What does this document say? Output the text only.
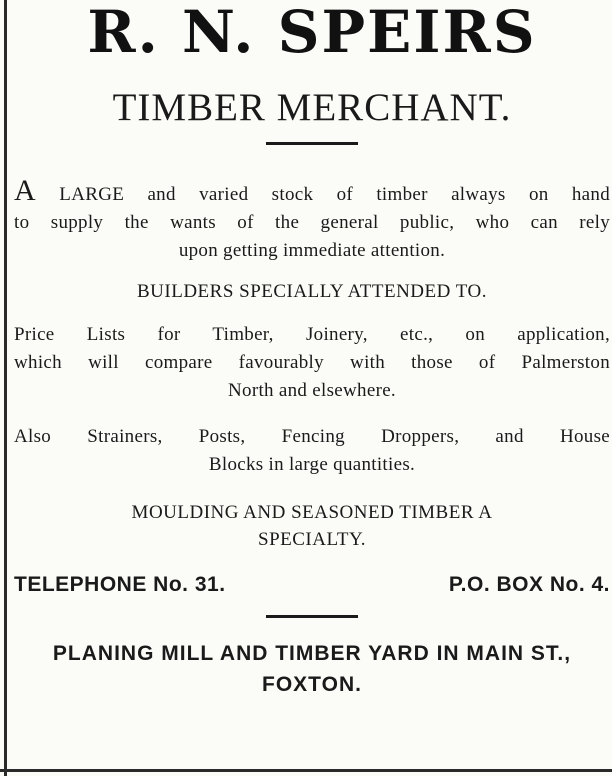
R. N. SPEIRS
TIMBER MERCHANT.
A LARGE and varied stock of timber always on hand
to supply the wants of the general public, who can rely
upon getting immediate attention.
BUILDERS SPECIALLY ATTENDED TO.
Price Lists for Timber, Joinery, etc., on application,
which will compare favourably with those of Palmerston
North and elsewhere.
Also Strainers, Posts, Fencing Droppers, and House
Blocks in large quantities.
MOULDING AND SEASONED TIMBER A
SPECIALTY.
TELEPHONE No. 31.	P.O. BOX No. 4.
PLANING MILL AND TIMBER YARD IN MAIN ST.,
FOXTON.
